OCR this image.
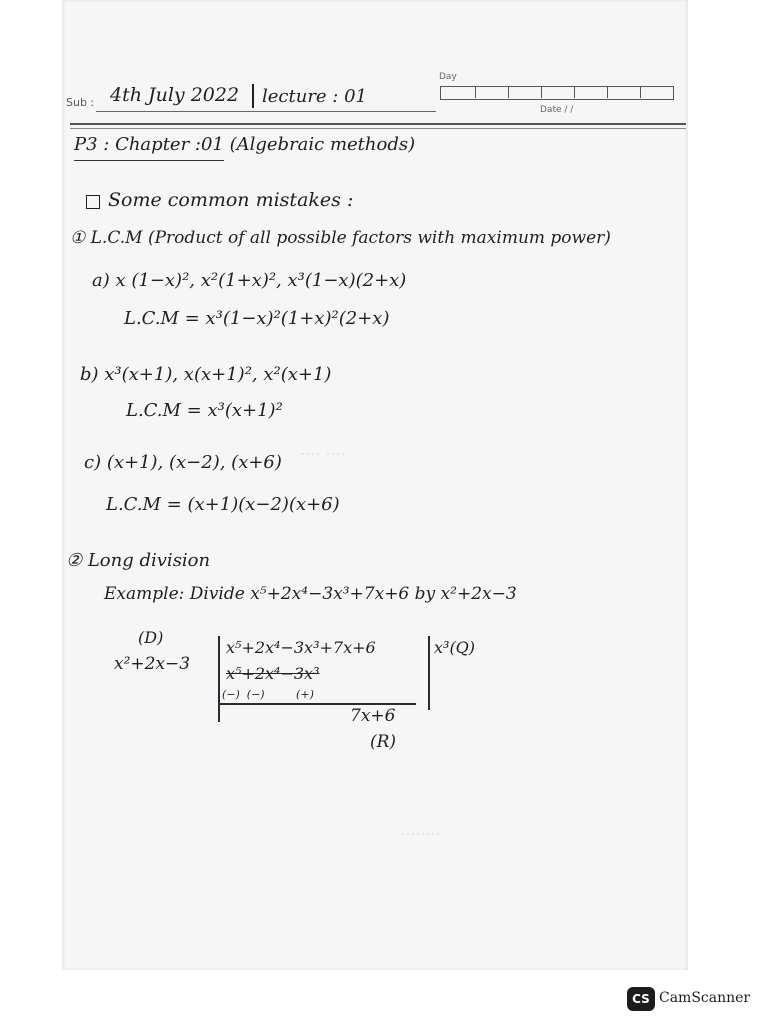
Sub : 4th July 2022 lecture : 01
Day
Date / /
P3 : Chapter :01 (Algebraic methods)
Some common mistakes :
① L.C.M (Product of all possible factors with maximum power)
a) x (1−x)², x²(1+x)², x³(1−x)(2+x)
L.C.M = x³(1−x)²(1+x)²(2+x)
b) x³(x+1), x(x+1)², x²(x+1)
L.C.M = x³(x+1)²
c) (x+1), (x−2), (x+6)
L.C.M = (x+1)(x−2)(x+6)
.... ....
........
② Long division
Example: Divide x⁵+2x⁴−3x³+7x+6 by x²+2x−3
(D)
x²+2x−3
x⁵+2x⁴−3x³+7x+6	x³(Q)
x⁵+2x⁴−3x³
(−)  (−)         (+)
7x+6
(R)
CS CamScanner
